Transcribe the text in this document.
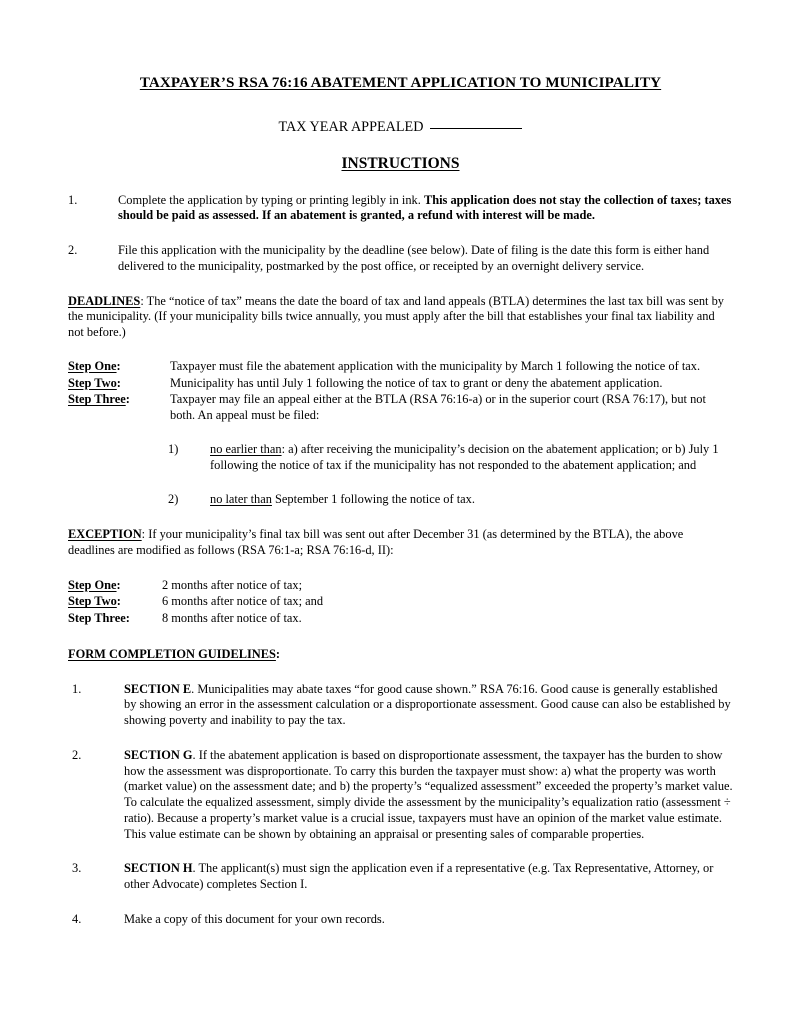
TAXPAYER’S RSA 76:16 ABATEMENT APPLICATION TO MUNICIPALITY
TAX YEAR APPEALED
INSTRUCTIONS
1.	Complete the application by typing or printing legibly in ink. This application does not stay the collection of taxes; taxes should be paid as assessed. If an abatement is granted, a refund with interest will be made.
2.	File this application with the municipality by the deadline (see below). Date of filing is the date this form is either hand delivered to the municipality, postmarked by the post office, or receipted by an overnight delivery service.
DEADLINES: The “notice of tax” means the date the board of tax and land appeals (BTLA) determines the last tax bill was sent by the municipality. (If your municipality bills twice annually, you must apply after the bill that establishes your final tax liability and not before.)
Step One:	Taxpayer must file the abatement application with the municipality by March 1 following the notice of tax.
Step Two:	Municipality has until July 1 following the notice of tax to grant or deny the abatement application.
Step Three:	Taxpayer may file an appeal either at the BTLA (RSA 76:16-a) or in the superior court (RSA 76:17), but not both. An appeal must be filed:
1)	no earlier than: a) after receiving the municipality’s decision on the abatement application; or b) July 1 following the notice of tax if the municipality has not responded to the abatement application; and
2)	no later than September 1 following the notice of tax.
EXCEPTION: If your municipality’s final tax bill was sent out after December 31 (as determined by the BTLA), the above deadlines are modified as follows (RSA 76:1-a; RSA 76:16-d, II):
Step One:	2 months after notice of tax;
Step Two:	6 months after notice of tax; and
Step Three:	8 months after notice of tax.
FORM COMPLETION GUIDELINES:
1.	SECTION E. Municipalities may abate taxes “for good cause shown.” RSA 76:16. Good cause is generally established by showing an error in the assessment calculation or a disproportionate assessment. Good cause can also be established by showing poverty and inability to pay the tax.
2.	SECTION G. If the abatement application is based on disproportionate assessment, the taxpayer has the burden to show how the assessment was disproportionate. To carry this burden the taxpayer must show: a) what the property was worth (market value) on the assessment date; and b) the property’s “equalized assessment” exceeded the property’s market value. To calculate the equalized assessment, simply divide the assessment by the municipality’s equalization ratio (assessment ÷ ratio). Because a property’s market value is a crucial issue, taxpayers must have an opinion of the market value estimate. This value estimate can be shown by obtaining an appraisal or presenting sales of comparable properties.
3.	SECTION H. The applicant(s) must sign the application even if a representative (e.g. Tax Representative, Attorney, or other Advocate) completes Section I.
4.	Make a copy of this document for your own records.
